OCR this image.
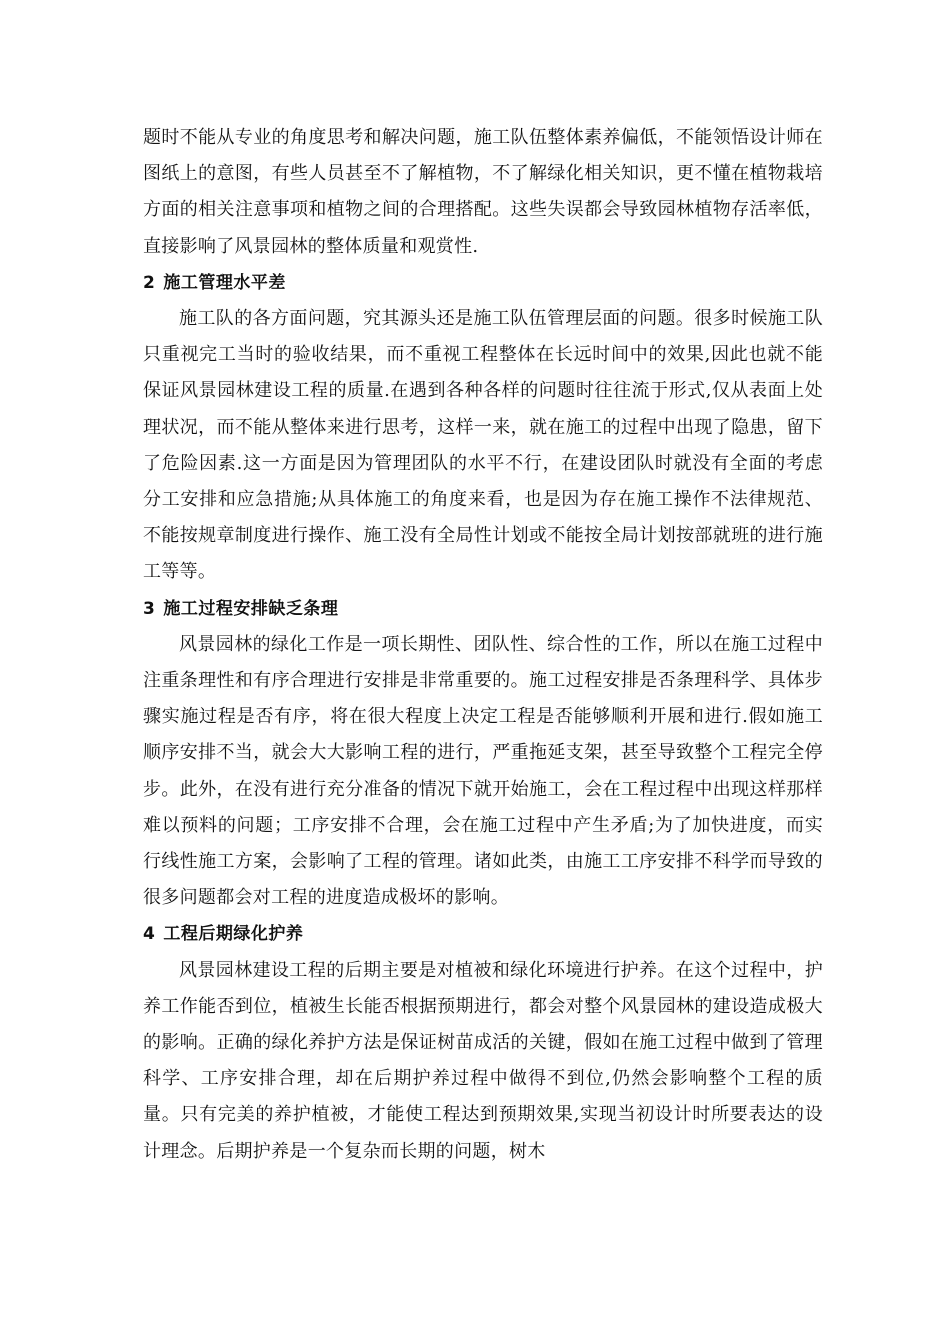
题时不能从专业的角度思考和解决问题，施工队伍整体素养偏低，不能领悟设计师在图纸上的意图，有些人员甚至不了解植物，不了解绿化相关知识，更不懂在植物栽培方面的相关注意事项和植物之间的合理搭配。这些失误都会导致园林植物存活率低，直接影响了风景园林的整体质量和观赏性.

2 施工管理水平差

施工队的各方面问题，究其源头还是施工队伍管理层面的问题。很多时候施工队只重视完工当时的验收结果，而不重视工程整体在长远时间中的效果,因此也就不能保证风景园林建设工程的质量.在遇到各种各样的问题时往往流于形式,仅从表面上处理状况，而不能从整体来进行思考，这样一来，就在施工的过程中出现了隐患，留下了危险因素.这一方面是因为管理团队的水平不行，在建设团队时就没有全面的考虑分工安排和应急措施;从具体施工的角度来看，也是因为存在施工操作不法律规范、不能按规章制度进行操作、施工没有全局性计划或不能按全局计划按部就班的进行施工等等。

3 施工过程安排缺乏条理

风景园林的绿化工作是一项长期性、团队性、综合性的工作，所以在施工过程中注重条理性和有序合理进行安排是非常重要的。施工过程安排是否条理科学、具体步骤实施过程是否有序，将在很大程度上决定工程是否能够顺利开展和进行.假如施工顺序安排不当，就会大大影响工程的进行，严重拖延支架，甚至导致整个工程完全停步。此外，在没有进行充分准备的情况下就开始施工，会在工程过程中出现这样那样难以预料的问题；工序安排不合理，会在施工过程中产生矛盾;为了加快进度，而实行线性施工方案，会影响了工程的管理。诸如此类，由施工工序安排不科学而导致的很多问题都会对工程的进度造成极坏的影响。

4 工程后期绿化护养

风景园林建设工程的后期主要是对植被和绿化环境进行护养。在这个过程中，护养工作能否到位，植被生长能否根据预期进行，都会对整个风景园林的建设造成极大的影响。正确的绿化养护方法是保证树苗成活的关键，假如在施工过程中做到了管理科学、工序安排合理，却在后期护养过程中做得不到位,仍然会影响整个工程的质量。只有完美的养护植被，才能使工程达到预期效果,实现当初设计时所要表达的设计理念。后期护养是一个复杂而长期的问题，树木
